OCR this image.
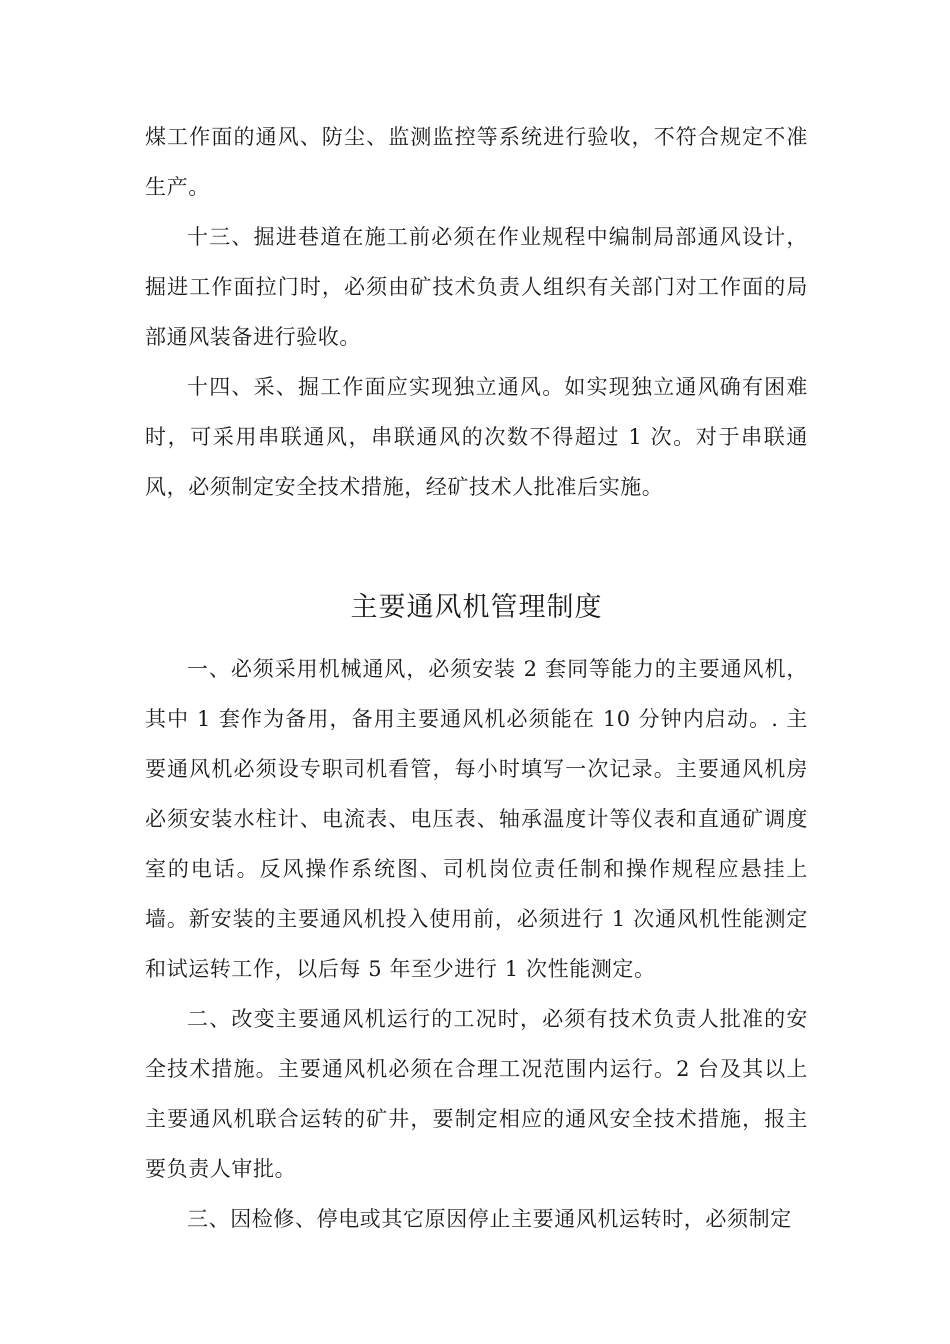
煤工作面的通风、防尘、监测监控等系统进行验收，不符合规定不准生产。

十三、掘进巷道在施工前必须在作业规程中编制局部通风设计，掘进工作面拉门时，必须由矿技术负责人组织有关部门对工作面的局部通风装备进行验收。

十四、采、掘工作面应实现独立通风。如实现独立通风确有困难时，可采用串联通风，串联通风的次数不得超过 1 次。对于串联通风，必须制定安全技术措施，经矿技术人批准后实施。

主要通风机管理制度

一、必须采用机械通风，必须安装 2 套同等能力的主要通风机，其中 1 套作为备用，备用主要通风机必须能在 10 分钟内启动。. 主要通风机必须设专职司机看管，每小时填写一次记录。主要通风机房必须安装水柱计、电流表、电压表、轴承温度计等仪表和直通矿调度室的电话。反风操作系统图、司机岗位责任制和操作规程应悬挂上墙。新安装的主要通风机投入使用前，必须进行 1 次通风机性能测定和试运转工作，以后每 5 年至少进行 1 次性能测定。

二、改变主要通风机运行的工况时，必须有技术负责人批准的安全技术措施。主要通风机必须在合理工况范围内运行。2 台及其以上主要通风机联合运转的矿井，要制定相应的通风安全技术措施，报主要负责人审批。

三、因检修、停电或其它原因停止主要通风机运转时，必须制定
